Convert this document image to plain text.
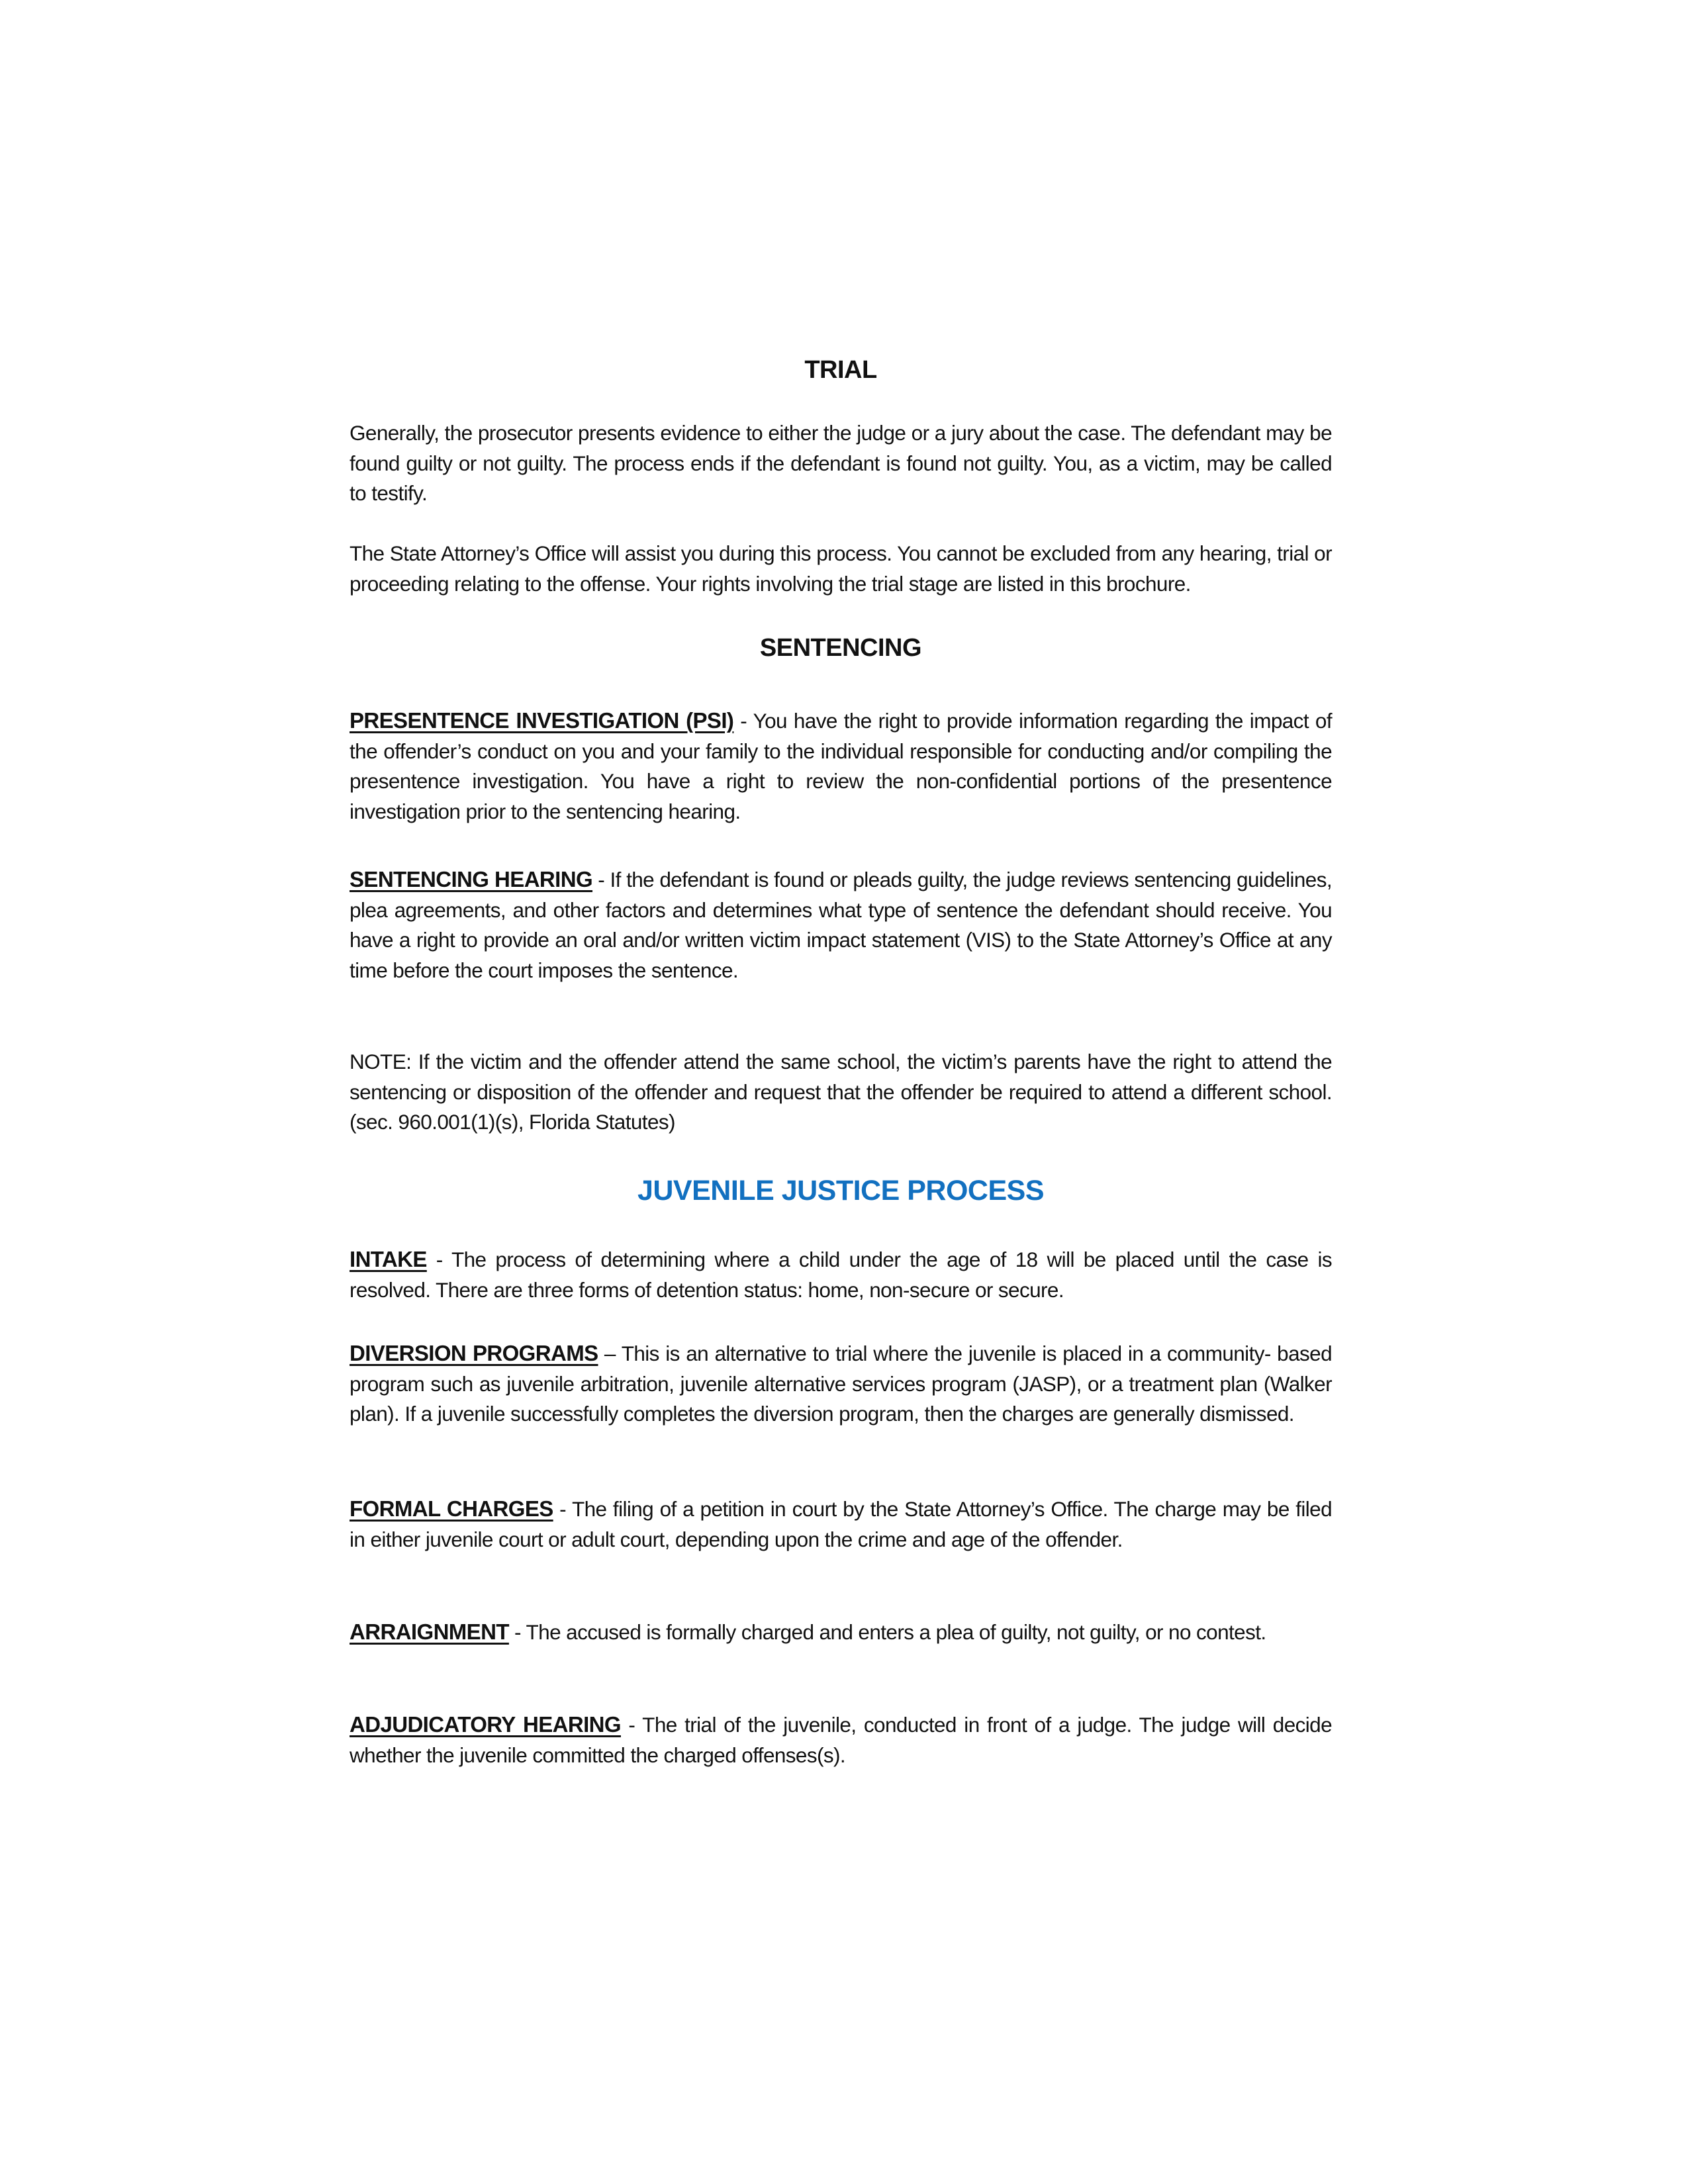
TRIAL
Generally, the prosecutor presents evidence to either the judge or a jury about the case. The defendant may be found guilty or not guilty. The process ends if the defendant is found not guilty. You, as a victim, may be called to testify.
The State Attorney’s Office will assist you during this process. You cannot be excluded from any hearing, trial or proceeding relating to the offense. Your rights involving the trial stage are listed in this brochure.
SENTENCING
PRESENTENCE INVESTIGATION (PSI) - You have the right to provide information regarding the impact of the offender’s conduct on you and your family to the individual responsible for conducting and/or compiling the presentence investigation. You have a right to review the non-confidential portions of the presentence investigation prior to the sentencing hearing.
SENTENCING HEARING - If the defendant is found or pleads guilty, the judge reviews sentencing guidelines, plea agreements, and other factors and determines what type of sentence the defendant should receive. You have a right to provide an oral and/or written victim impact statement (VIS) to the State Attorney’s Office at any time before the court imposes the sentence.
NOTE: If the victim and the offender attend the same school, the victim’s parents have the right to attend the sentencing or disposition of the offender and request that the offender be required to attend a different school. (sec. 960.001(1)(s), Florida Statutes)
JUVENILE JUSTICE PROCESS
INTAKE - The process of determining where a child under the age of 18 will be placed until the case is resolved. There are three forms of detention status: home, non-secure or secure.
DIVERSION PROGRAMS – This is an alternative to trial where the juvenile is placed in a community- based program such as juvenile arbitration, juvenile alternative services program (JASP), or a treatment plan (Walker plan). If a juvenile successfully completes the diversion program, then the charges are generally dismissed.
FORMAL CHARGES - The filing of a petition in court by the State Attorney’s Office. The charge may be filed in either juvenile court or adult court, depending upon the crime and age of the offender.
ARRAIGNMENT - The accused is formally charged and enters a plea of guilty, not guilty, or no contest.
ADJUDICATORY HEARING - The trial of the juvenile, conducted in front of a judge. The judge will decide whether the juvenile committed the charged offenses(s).
